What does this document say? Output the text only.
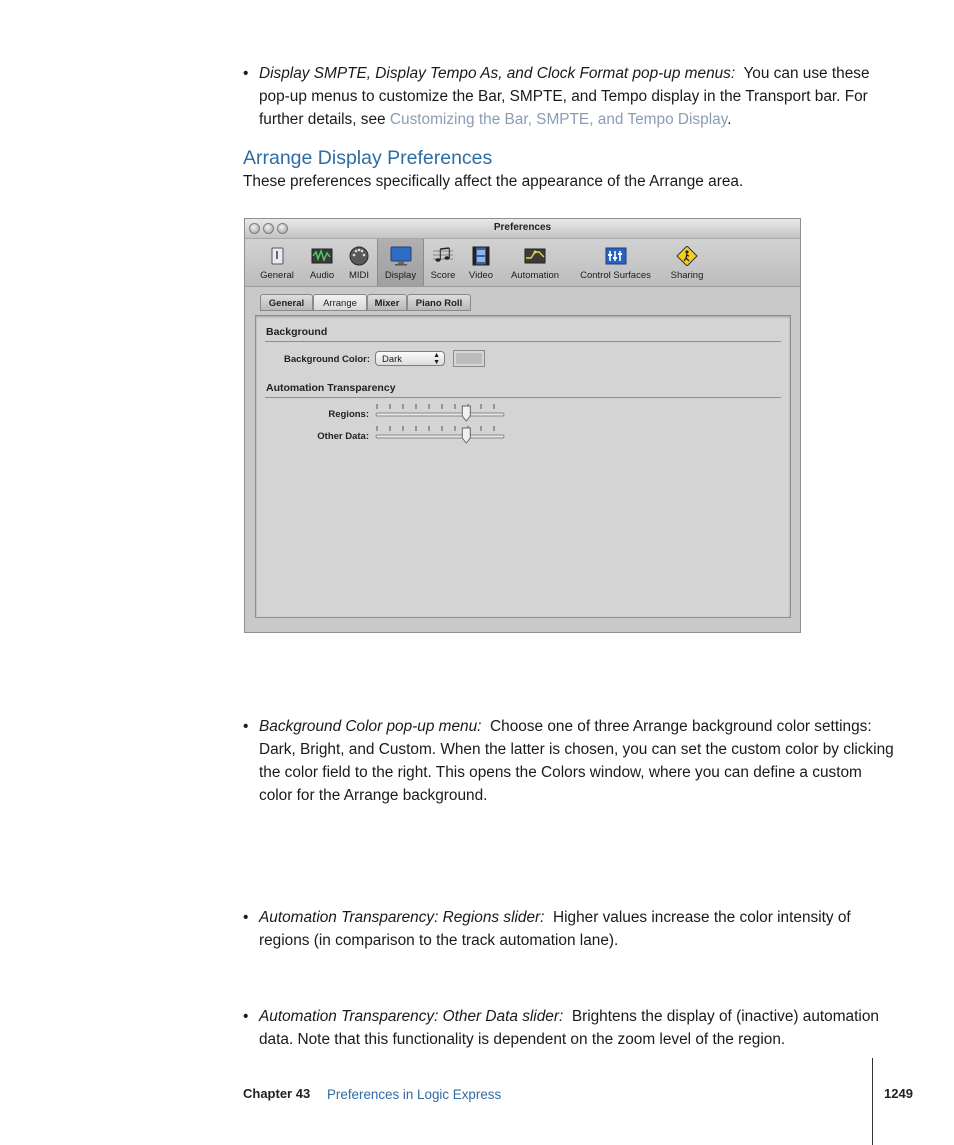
• Display SMPTE, Display Tempo As, and Clock Format pop-up menus: You can use these pop-up menus to customize the Bar, SMPTE, and Tempo display in the Transport bar. For further details, see Customizing the Bar, SMPTE, and Tempo Display.
Arrange Display Preferences
These preferences specifically affect the appearance of the Arrange area.
Preferences
General	Audio	MIDI	Display	Score	Video	Automation	Control Surfaces	Sharing
General	Arrange	Mixer	Piano Roll
Background
Background Color:	Dark	▲
▼
Automation Transparency
Regions:
Other Data:
• Background Color pop-up menu: Choose one of three Arrange background color settings: Dark, Bright, and Custom. When the latter is chosen, you can set the custom color by clicking the color field to the right. This opens the Colors window, where you can define a custom color for the Arrange background.
• Automation Transparency: Regions slider: Higher values increase the color intensity of regions (in comparison to the track automation lane).
• Automation Transparency: Other Data slider: Brightens the display of (inactive) automation data. Note that this functionality is dependent on the zoom level of the region.
Chapter 43 Preferences in Logic Express	1249
